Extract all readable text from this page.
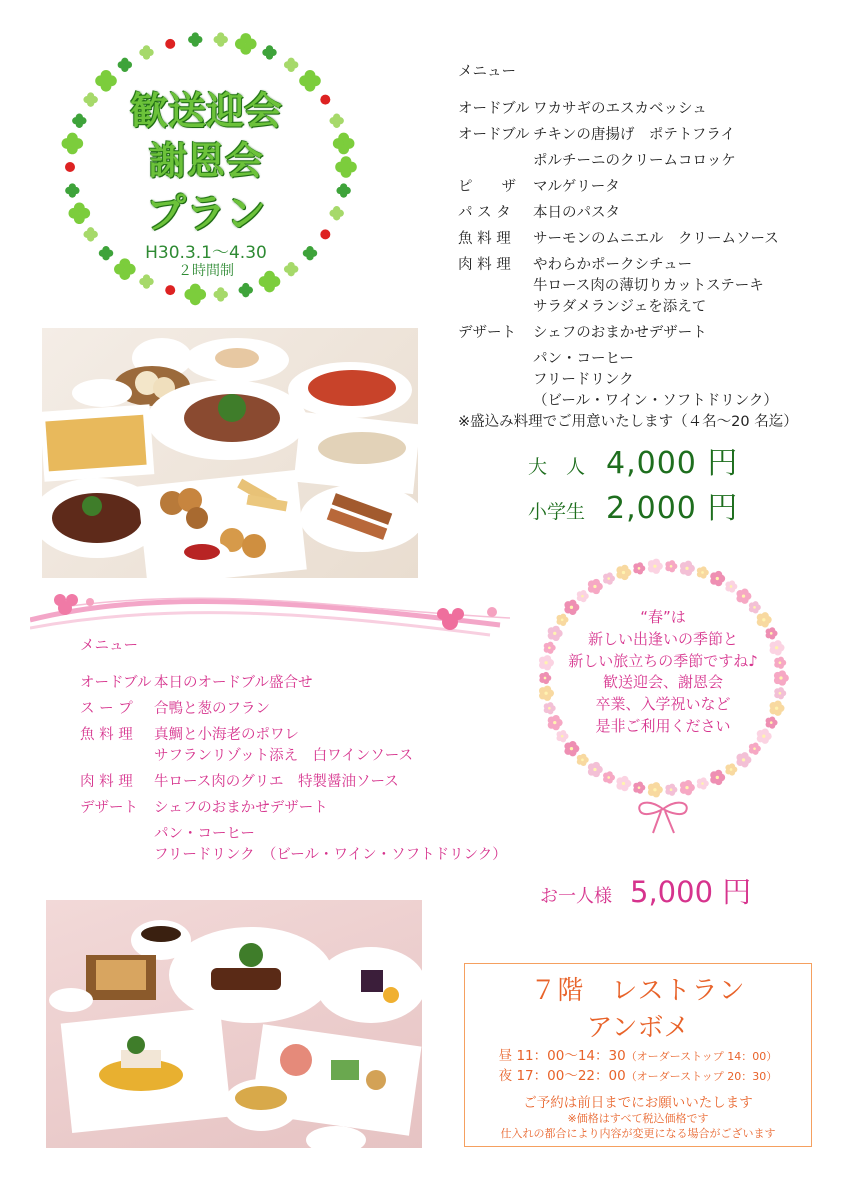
歓送迎会
謝恩会
プラン
H30.3.1～4.30
２時間制
メニュー
オードブル ワカサギのエスカベッシュ
オードブル チキンの唐揚げ　ポテトフライ
ポルチーニのクリームコロッケ
ピ　　ザ	マルゲリータ
パ ス タ	本日のパスタ
魚 料 理	サーモンのムニエル　クリームソース
肉 料 理	やわらかポークシチュー
牛ロース肉の薄切りカットステーキ
サラダメランジェを添えて
デザート	シェフのおまかせデザート
パン・コーヒー
フリードリンク
（ビール・ワイン・ソフトドリンク）
※盛込み料理でご用意いたします（４名～20 名迄）
大　人 4,000 円
小学生 2,000 円
メニュー
オードブル 本日のオードブル盛合せ
ス ー プ	合鴨と葱のフラン
魚 料 理	真鯛と小海老のポワレ
サフランリゾット添え　白ワインソース
肉 料 理	牛ロース肉のグリエ　特製醤油ソース
デザート	シェフのおまかせデザート
パン・コーヒー
フリードリンク　（ビール・ワイン・ソフトドリンク）
お一人様 5,000 円
“春”は
新しい出逢いの季節と
新しい旅立ちの季節ですね♪
歓送迎会、謝恩会
卒業、入学祝いなど
是非ご利用ください
７階　レストラン
アンボメ
昼 11：00～14：30（オーダーストップ 14：00）
夜 17：00～22：00（オーダーストップ 20：30）
ご予約は前日までにお願いいたします
※価格はすべて税込価格です
仕入れの都合により内容が変更になる場合がございます
